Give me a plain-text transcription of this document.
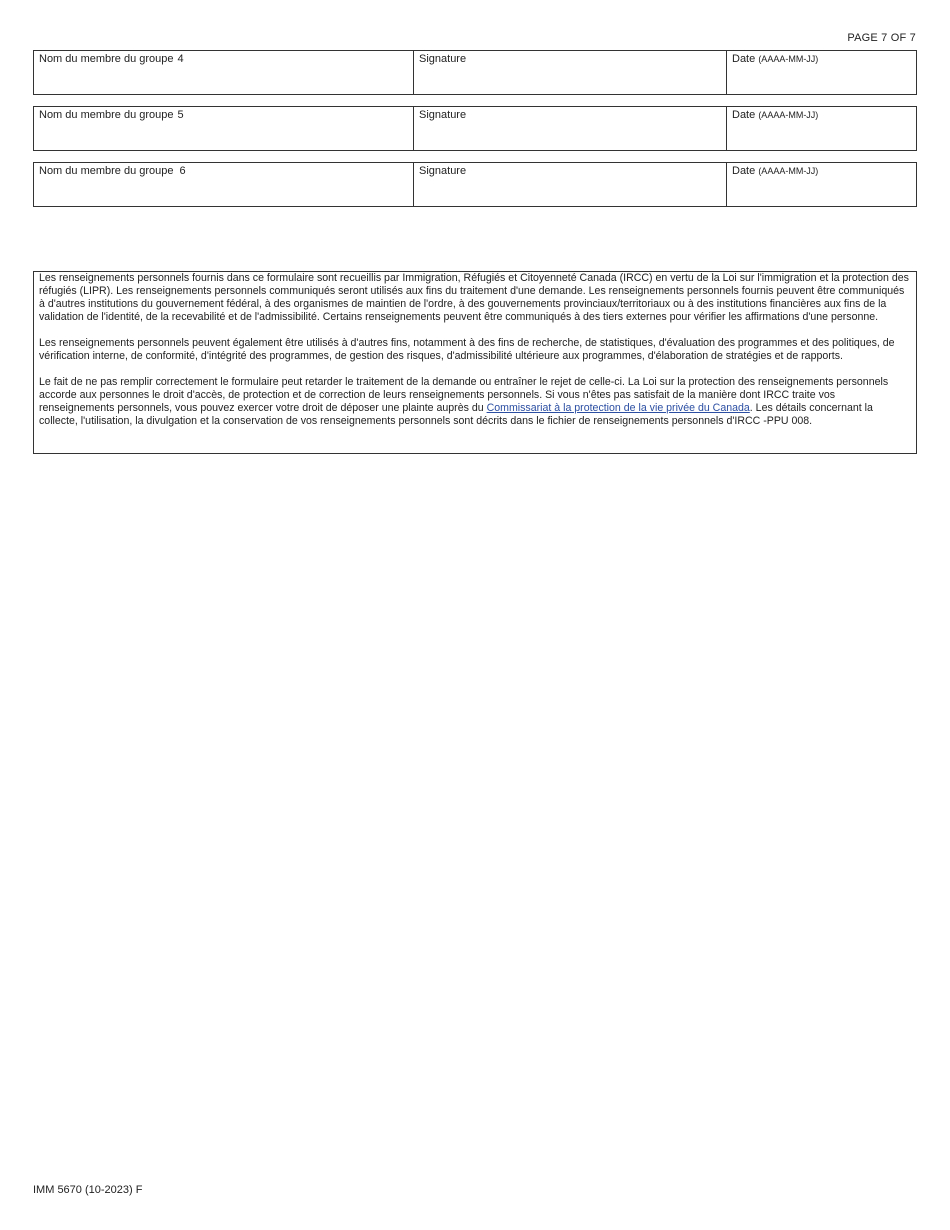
PAGE 7 OF 7
Nom du membre du groupe 4	Signature	Date (AAAA-MM-JJ)
Nom du membre du groupe 5	Signature	Date (AAAA-MM-JJ)
Nom du membre du groupe 6	Signature	Date (AAAA-MM-JJ)

Les renseignements personnels fournis dans ce formulaire sont recueillis par Immigration, Réfugiés et Citoyenneté Canada (IRCC) en vertu de la Loi sur l'immigration et la protection des réfugiés (LIPR). Les renseignements personnels communiqués seront utilisés aux fins du traitement d'une demande. Les renseignements personnels fournis peuvent être communiqués à d'autres institutions du gouvernement fédéral, à des organismes de maintien de l'ordre, à des gouvernements provinciaux/territoriaux ou à des institutions financières aux fins de la validation de l'identité, de la recevabilité et de l'admissibilité. Certains renseignements peuvent être communiqués à des tiers externes pour vérifier les affirmations d'une personne.

Les renseignements personnels peuvent également être utilisés à d'autres fins, notamment à des fins de recherche, de statistiques, d'évaluation des programmes et des politiques, de vérification interne, de conformité, d'intégrité des programmes, de gestion des risques, d'admissibilité ultérieure aux programmes, d'élaboration de stratégies et de rapports.

Le fait de ne pas remplir correctement le formulaire peut retarder le traitement de la demande ou entraîner le rejet de celle-ci. La Loi sur la protection des renseignements personnels accorde aux personnes le droit d'accès, de protection et de correction de leurs renseignements personnels. Si vous n'êtes pas satisfait de la manière dont IRCC traite vos renseignements personnels, vous pouvez exercer votre droit de déposer une plainte auprès du Commissariat à la protection de la vie privée du Canada. Les détails concernant la collecte, l'utilisation, la divulgation et la conservation de vos renseignements personnels sont décrits dans le fichier de renseignements personnels d'IRCC -PPU 008.

IMM 5670 (10-2023) F
